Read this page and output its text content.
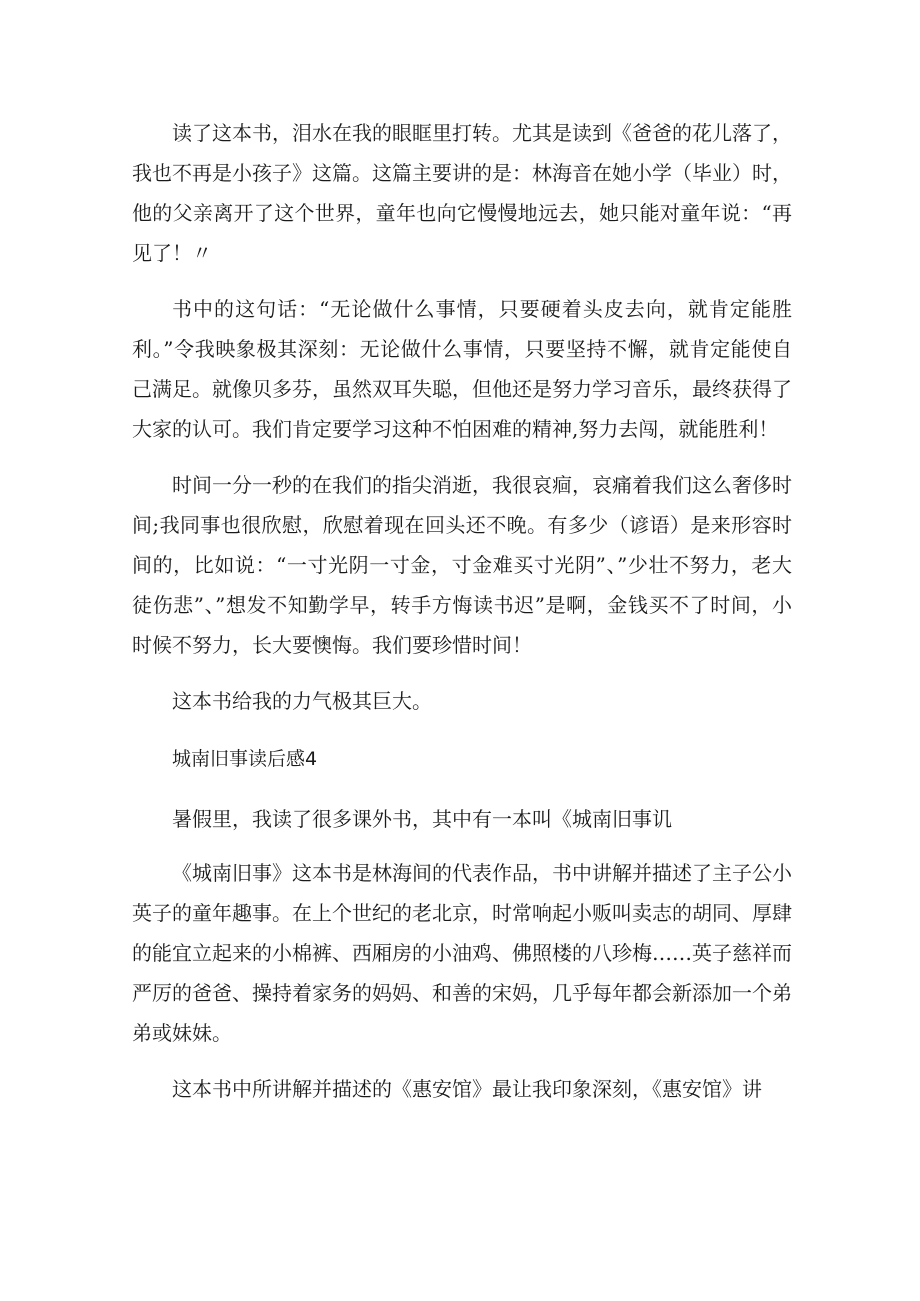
读了这本书，泪水在我的眼眶里打转。尤其是读到《爸爸的花儿落了，我也不再是小孩子》这篇。这篇主要讲的是：林海音在她小学（毕业）时，他的父亲离开了这个世界，童年也向它慢慢地远去，她只能对童年说：“再见了！〃

书中的这句话：“无论做什么事情，只要硬着头皮去向，就肯定能胜利。”令我映象极其深刻：无论做什么事情，只要坚持不懈，就肯定能使自己满足。就像贝多芬，虽然双耳失聪，但他还是努力学习音乐，最终获得了大家的认可。我们肯定要学习这种不怕困难的精神,努力去闯，就能胜利！

时间一分一秒的在我们的指尖消逝，我很哀痐，哀痛着我们这么奢侈时间;我同事也很欣慰，欣慰着现在回头还不晚。有多少（谚语）是来形容时间的，比如说：“一寸光阴一寸金，寸金难买寸光阴”、”少壮不努力，老大徒伤悲”、”想发不知勤学早，转手方悔读书迟”是啊，金钱买不了时间，小时候不努力，长大要懊悔。我们要珍惜时间！

这本书给我的力气极其巨大。

城南旧事读后感4

暑假里，我读了很多课外书，其中有一本叫《城南旧事讥

《城南旧事》这本书是林海间的代表作品，书中讲解并描述了主子公小英子的童年趣事。在上个世纪的老北京，时常响起小贩叫卖志的胡同、厚肆的能宜立起来的小棉裤、西厢房的小油鸡、佛照楼的八珍梅……英子慈祥而严厉的爸爸、操持着家务的妈妈、和善的宋妈，几乎每年都会新添加一个弟弟或妹妹。

这本书中所讲解并描述的《惠安馆》最让我印象深刻，《惠安馆》讲
